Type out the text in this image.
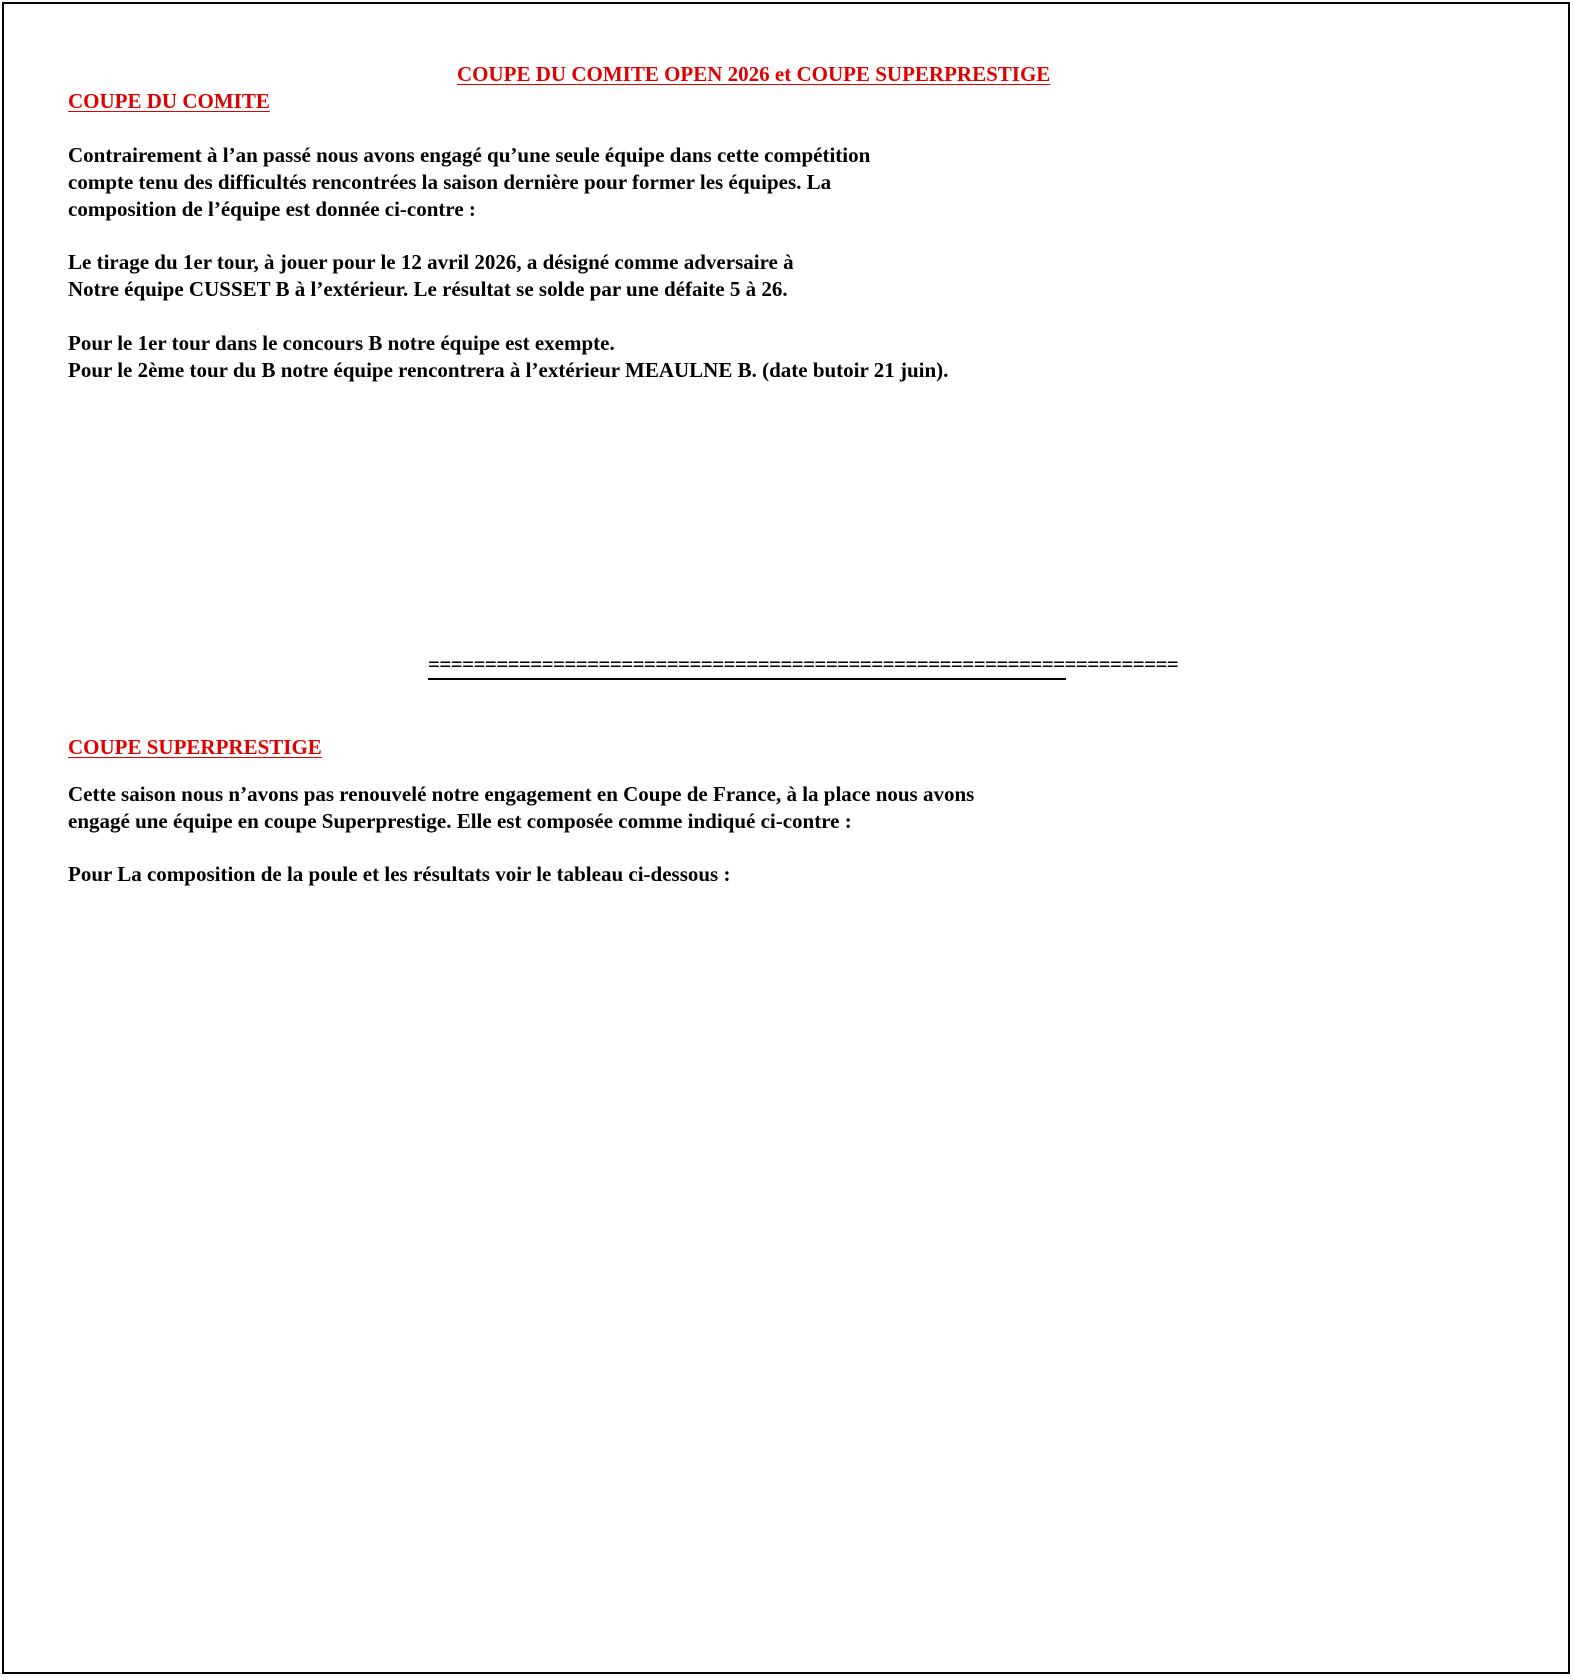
COUPE DU COMITE OPEN 2026 et COUPE SUPERPRESTIGE
COUPE DU COMITE
Contrairement à l’an passé nous avons engagé qu’une seule équipe dans cette compétition
compte tenu des difficultés rencontrées la saison dernière pour former les équipes. La
composition de l’équipe est donnée ci-contre :
Le tirage du 1er tour, à jouer pour le 12 avril 2026, a désigné comme adversaire à
Notre équipe CUSSET B à l’extérieur. Le résultat se solde par une défaite 5 à 26.
Pour le 1er tour dans le concours B notre équipe est exempte.
Pour le 2ème tour du B notre équipe rencontrera à l’extérieur MEAULNE B. (date butoir 21 juin).
==================================================================
COUPE SUPERPRESTIGE
Cette saison nous n’avons pas renouvelé notre engagement en Coupe de France, à la place nous avons
engagé une équipe en coupe Superprestige. Elle est composée comme indiqué ci-contre :
Pour La composition de la poule et les résultats voir le tableau ci-dessous :
